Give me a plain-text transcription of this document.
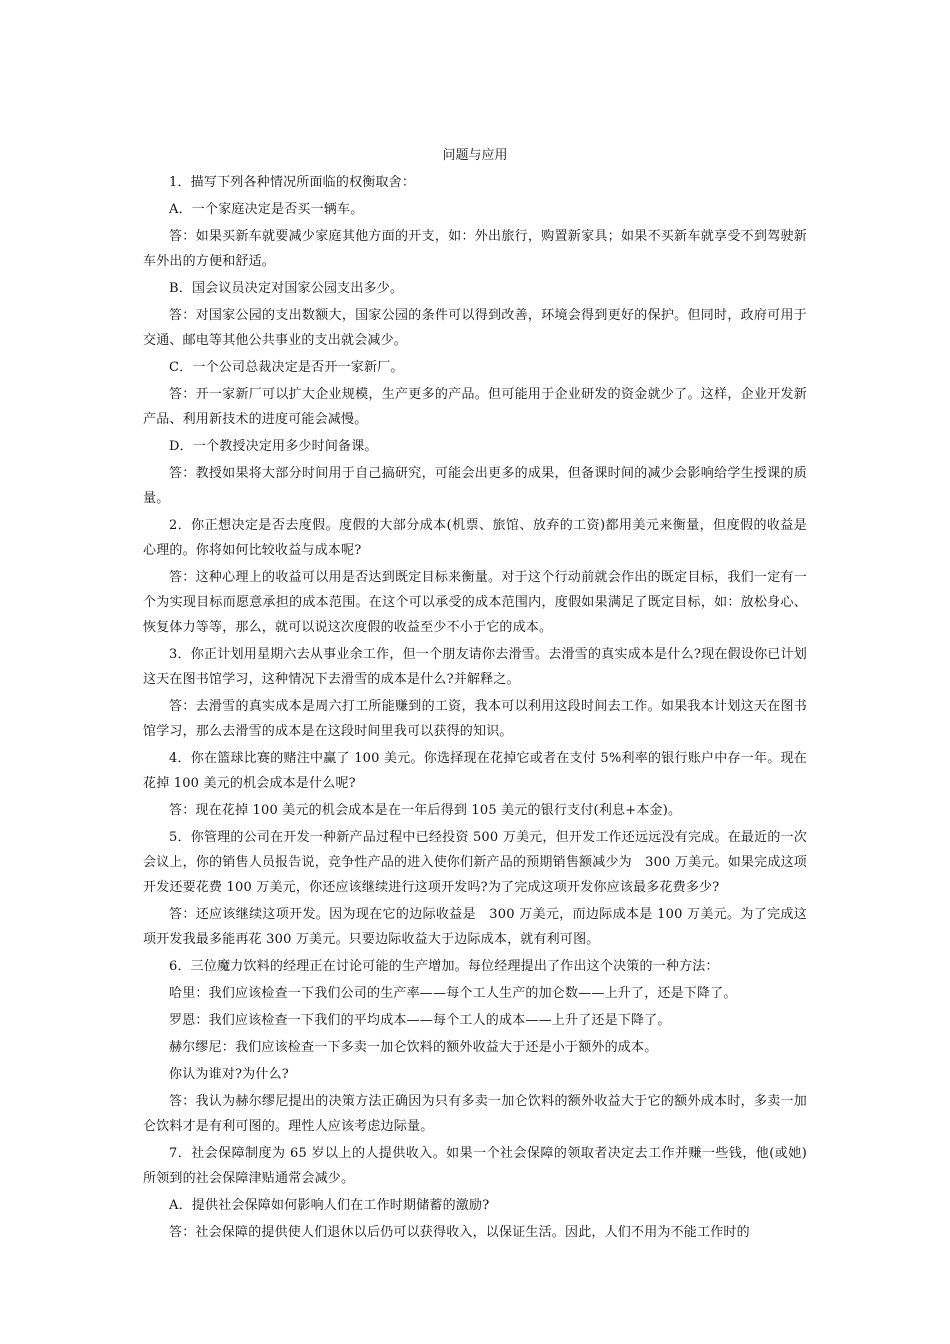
问题与应用

1．描写下列各种情况所面临的权衡取舍：

A．一个家庭决定是否买一辆车。

答：如果买新车就要减少家庭其他方面的开支，如：外出旅行，购置新家具；如果不买新车就享受不到驾驶新车外出的方便和舒适。

B．国会议员决定对国家公园支出多少。

答：对国家公园的支出数额大，国家公园的条件可以得到改善，环境会得到更好的保护。但同时，政府可用于交通、邮电等其他公共事业的支出就会减少。

C．一个公司总裁决定是否开一家新厂。

答：开一家新厂可以扩大企业规模，生产更多的产品。但可能用于企业研发的资金就少了。这样，企业开发新产品、利用新技术的进度可能会减慢。

D．一个教授决定用多少时间备课。

答：教授如果将大部分时间用于自己搞研究，可能会出更多的成果，但备课时间的减少会影响给学生授课的质量。

2．你正想决定是否去度假。度假的大部分成本(机票、旅馆、放弃的工资)都用美元来衡量，但度假的收益是心理的。你将如何比较收益与成本呢?

答：这种心理上的收益可以用是否达到既定目标来衡量。对于这个行动前就会作出的既定目标，我们一定有一个为实现目标而愿意承担的成本范围。在这个可以承受的成本范围内，度假如果满足了既定目标，如：放松身心、恢复体力等等，那么，就可以说这次度假的收益至少不小于它的成本。

3．你正计划用星期六去从事业余工作，但一个朋友请你去滑雪。去滑雪的真实成本是什么?现在假设你已计划这天在图书馆学习，这种情况下去滑雪的成本是什么?并解释之。

答：去滑雪的真实成本是周六打工所能赚到的工资，我本可以利用这段时间去工作。如果我本计划这天在图书馆学习，那么去滑雪的成本是在这段时间里我可以获得的知识。

4．你在篮球比赛的赌注中赢了 100 美元。你选择现在花掉它或者在支付 5%利率的银行账户中存一年。现在花掉 100 美元的机会成本是什么呢?

答：现在花掉 100 美元的机会成本是在一年后得到 105 美元的银行支付(利息+本金)。

5．你管理的公司在开发一种新产品过程中已经投资 500 万美元，但开发工作还远远没有完成。在最近的一次会议上，你的销售人员报告说，竞争性产品的进入使你们新产品的预期销售额减少为　300 万美元。如果完成这项开发还要花费 100 万美元，你还应该继续进行这项开发吗?为了完成这项开发你应该最多花费多少?

答：还应该继续这项开发。因为现在它的边际收益是　300 万美元，而边际成本是 100 万美元。为了完成这项开发我最多能再花 300 万美元。只要边际收益大于边际成本，就有利可图。

6．三位魔力饮料的经理正在讨论可能的生产增加。每位经理提出了作出这个决策的一种方法：

哈里：我们应该检查一下我们公司的生产率——每个工人生产的加仑数——上升了，还是下降了。

罗恩：我们应该检查一下我们的平均成本——每个工人的成本——上升了还是下降了。

赫尔缪尼：我们应该检查一下多卖一加仑饮料的额外收益大于还是小于额外的成本。

你认为谁对?为什么?

答：我认为赫尔缪尼提出的决策方法正确因为只有多卖一加仑饮料的额外收益大于它的额外成本时，多卖一加仑饮料才是有利可图的。理性人应该考虑边际量。

7．社会保障制度为 65 岁以上的人提供收入。如果一个社会保障的领取者决定去工作并赚一些钱，他(或她)所领到的社会保障津贴通常会减少。

A．提供社会保障如何影响人们在工作时期储蓄的激励?

答：社会保障的提供使人们退休以后仍可以获得收入，以保证生活。因此，人们不用为不能工作时的
